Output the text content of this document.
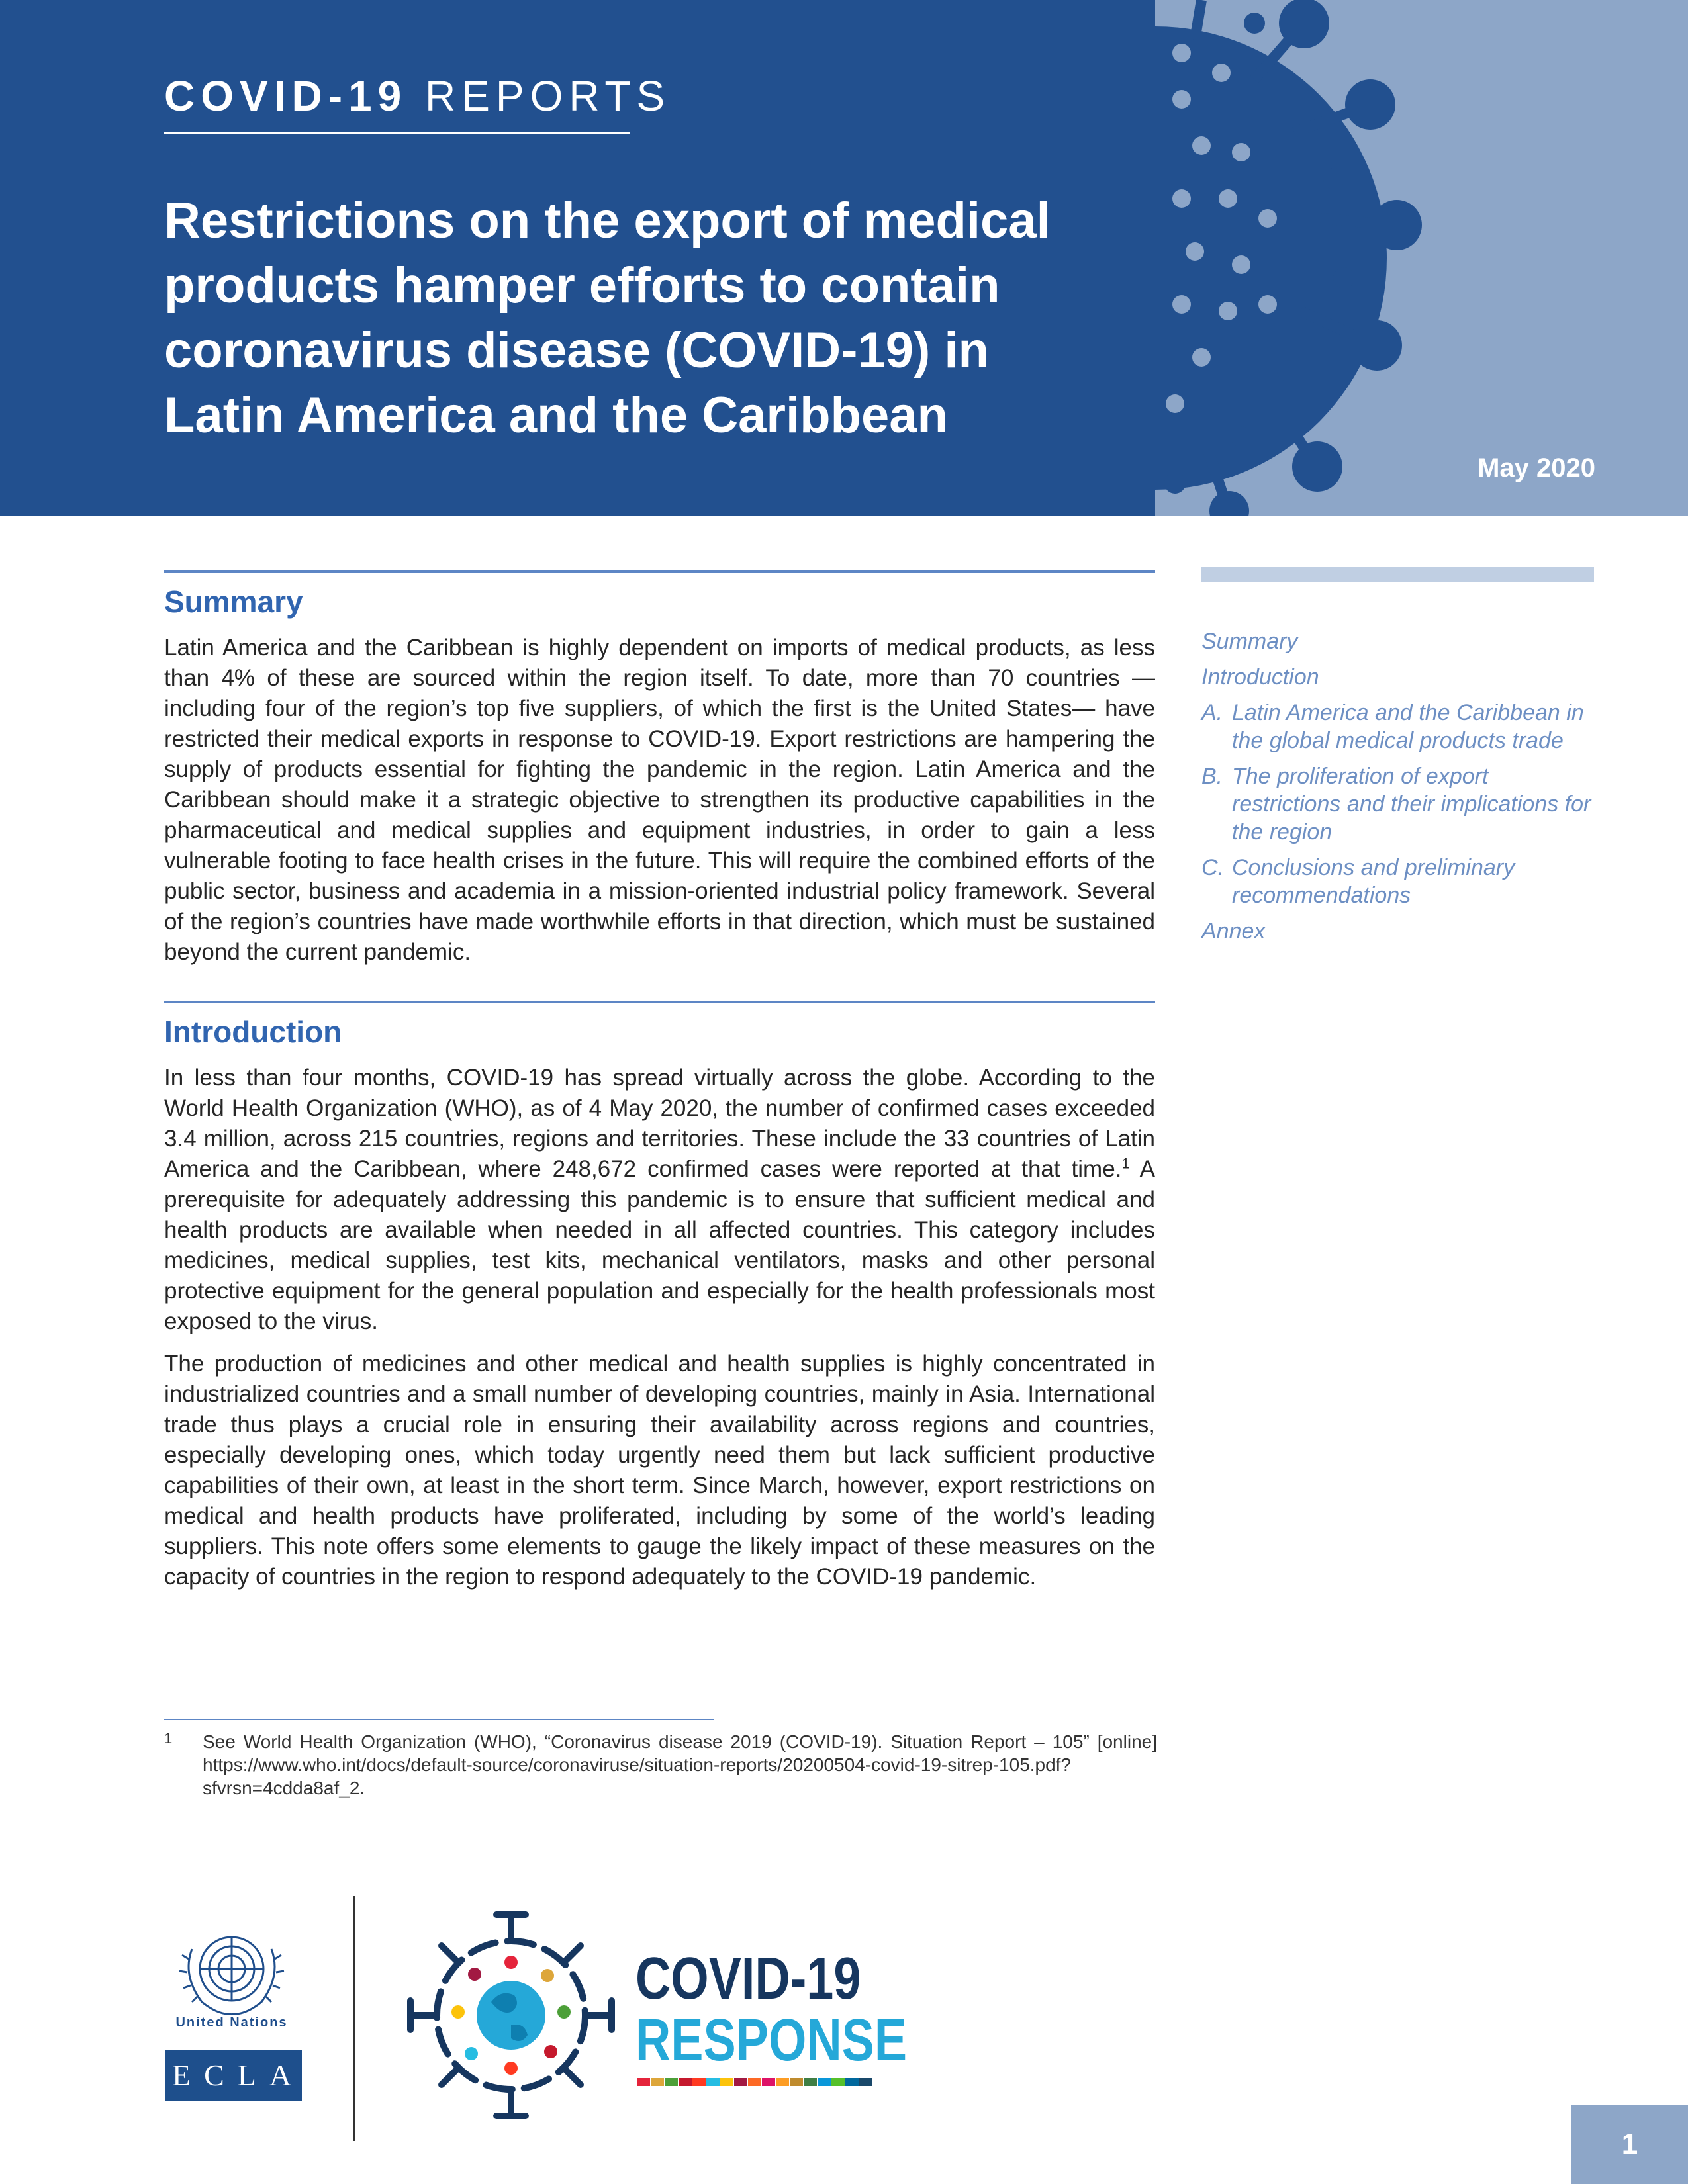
COVID-19 REPORTS
Restrictions on the export of medical
products hamper efforts to contain
coronavirus disease (COVID-19) in
Latin America and the Caribbean
May 2020
Summary
Latin America and the Caribbean is highly dependent on imports of medical products, as less than 4% of these are sourced within the region itself. To date, more than 70 countries —including four of the region’s top five suppliers, of which the first is the United States— have restricted their medical exports in response to COVID-19. Export restrictions are hampering the supply of products essential for fighting the pandemic in the region. Latin America and the Caribbean should make it a strategic objective to strengthen its productive capabilities in the pharmaceutical and medical supplies and equipment industries, in order to gain a less vulnerable footing to face health crises in the future. This will require the combined efforts of the public sector, business and academia in a mission-oriented industrial policy framework. Several of the region’s countries have made worthwhile efforts in that direction, which must be sustained beyond the current pandemic.
Introduction
In less than four months, COVID-19 has spread virtually across the globe. According to the World Health Organization (WHO), as of 4 May 2020, the number of confirmed cases exceeded 3.4 million, across 215 countries, regions and territories. These include the 33 countries of Latin America and the Caribbean, where 248,672 confirmed cases were reported at that time.$^1$ A prerequisite for adequately addressing this pandemic is to ensure that sufficient medical and health products are available when needed in all affected countries. This category includes medicines, medical supplies, test kits, mechanical ventilators, masks and other personal protective equipment for the general population and especially for the health professionals most exposed to the virus.
The production of medicines and other medical and health supplies is highly concentrated in industrialized countries and a small number of developing countries, mainly in Asia. International trade thus plays a crucial role in ensuring their availability across regions and countries, especially developing ones, which today urgently need them but lack sufficient productive capabilities of their own, at least in the short term. Since March, however, export restrictions on medical and health products have proliferated, including by some of the world’s leading suppliers. This note offers some elements to gauge the likely impact of these measures on the capacity of countries in the region to respond adequately to the COVID-19 pandemic.
Summary
Introduction
A. Latin America and the Caribbean in the global medical products trade
B. The proliferation of export restrictions and their implications for the region
C. Conclusions and preliminary recommendations
Annex
1 See World Health Organization (WHO), “Coronavirus disease 2019 (COVID-19). Situation Report – 105” [online] https://www.who.int/docs/default-source/coronaviruse/situation-reports/20200504-covid-19-sitrep-105.pdf?sfvrsn=4cdda8af_2.
United Nations
ECLAC
COVID-19
RESPONSE
1
